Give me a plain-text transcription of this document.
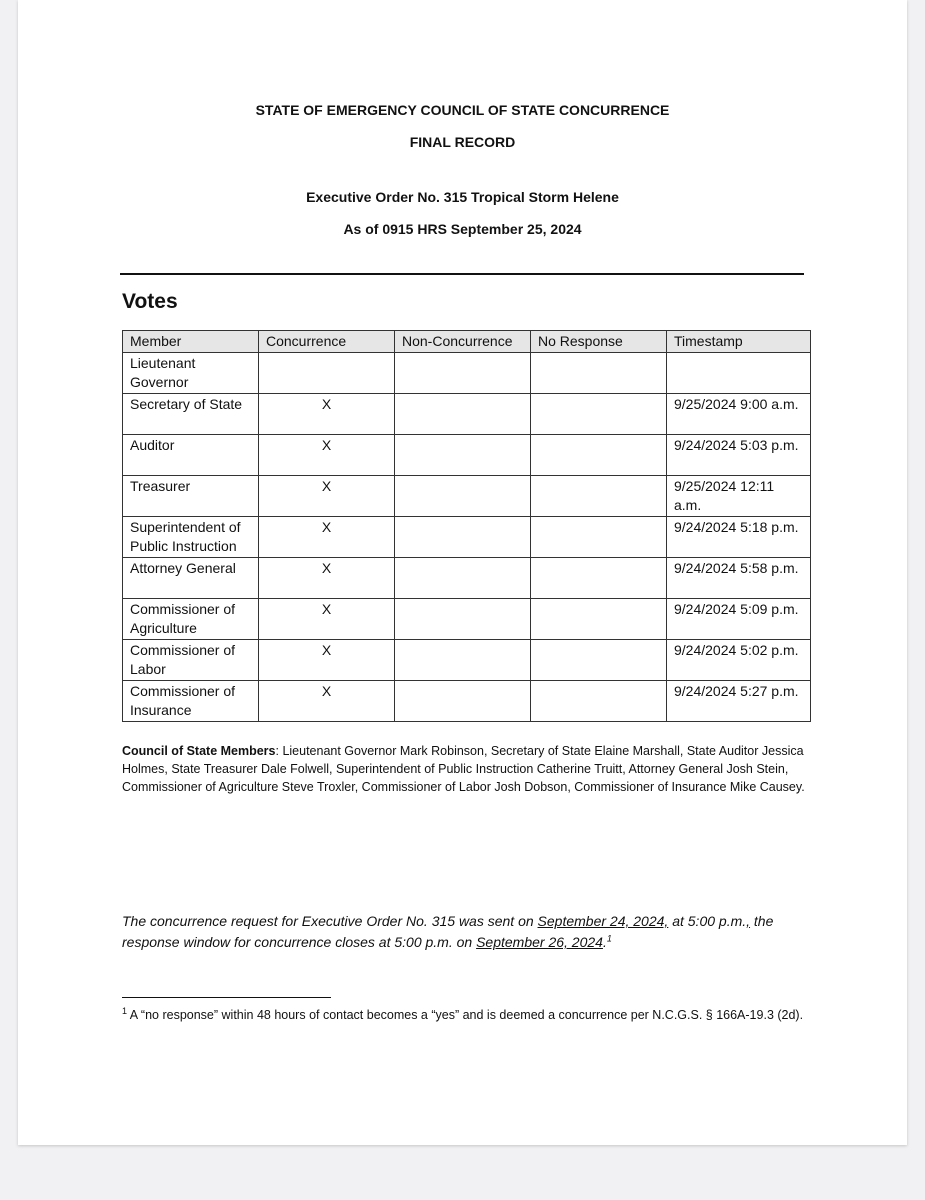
STATE OF EMERGENCY COUNCIL OF STATE CONCURRENCE
FINAL RECORD
Executive Order No. 315 Tropical Storm Helene
As of 0915 HRS September 25, 2024
Votes
Member	Concurrence	Non-Concurrence	No Response	Timestamp
Lieutenant Governor				
Secretary of State	X			9/25/2024 9:00 a.m.
Auditor	X			9/24/2024 5:03 p.m.
Treasurer	X			9/25/2024 12:11 a.m.
Superintendent of Public Instruction	X			9/24/2024 5:18 p.m.
Attorney General	X			9/24/2024 5:58 p.m.
Commissioner of Agriculture	X			9/24/2024 5:09 p.m.
Commissioner of Labor	X			9/24/2024 5:02 p.m.
Commissioner of Insurance	X			9/24/2024 5:27 p.m.
Council of State Members: Lieutenant Governor Mark Robinson, Secretary of State Elaine Marshall, State Auditor Jessica Holmes, State Treasurer Dale Folwell, Superintendent of Public Instruction Catherine Truitt, Attorney General Josh Stein, Commissioner of Agriculture Steve Troxler, Commissioner of Labor Josh Dobson, Commissioner of Insurance Mike Causey.
The concurrence request for Executive Order No. 315 was sent on September 24, 2024, at 5:00 p.m., the response window for concurrence closes at 5:00 p.m. on September 26, 2024.$^1$
$^1$ A “no response” within 48 hours of contact becomes a “yes” and is deemed a concurrence per N.C.G.S. § 166A-19.3 (2d).
